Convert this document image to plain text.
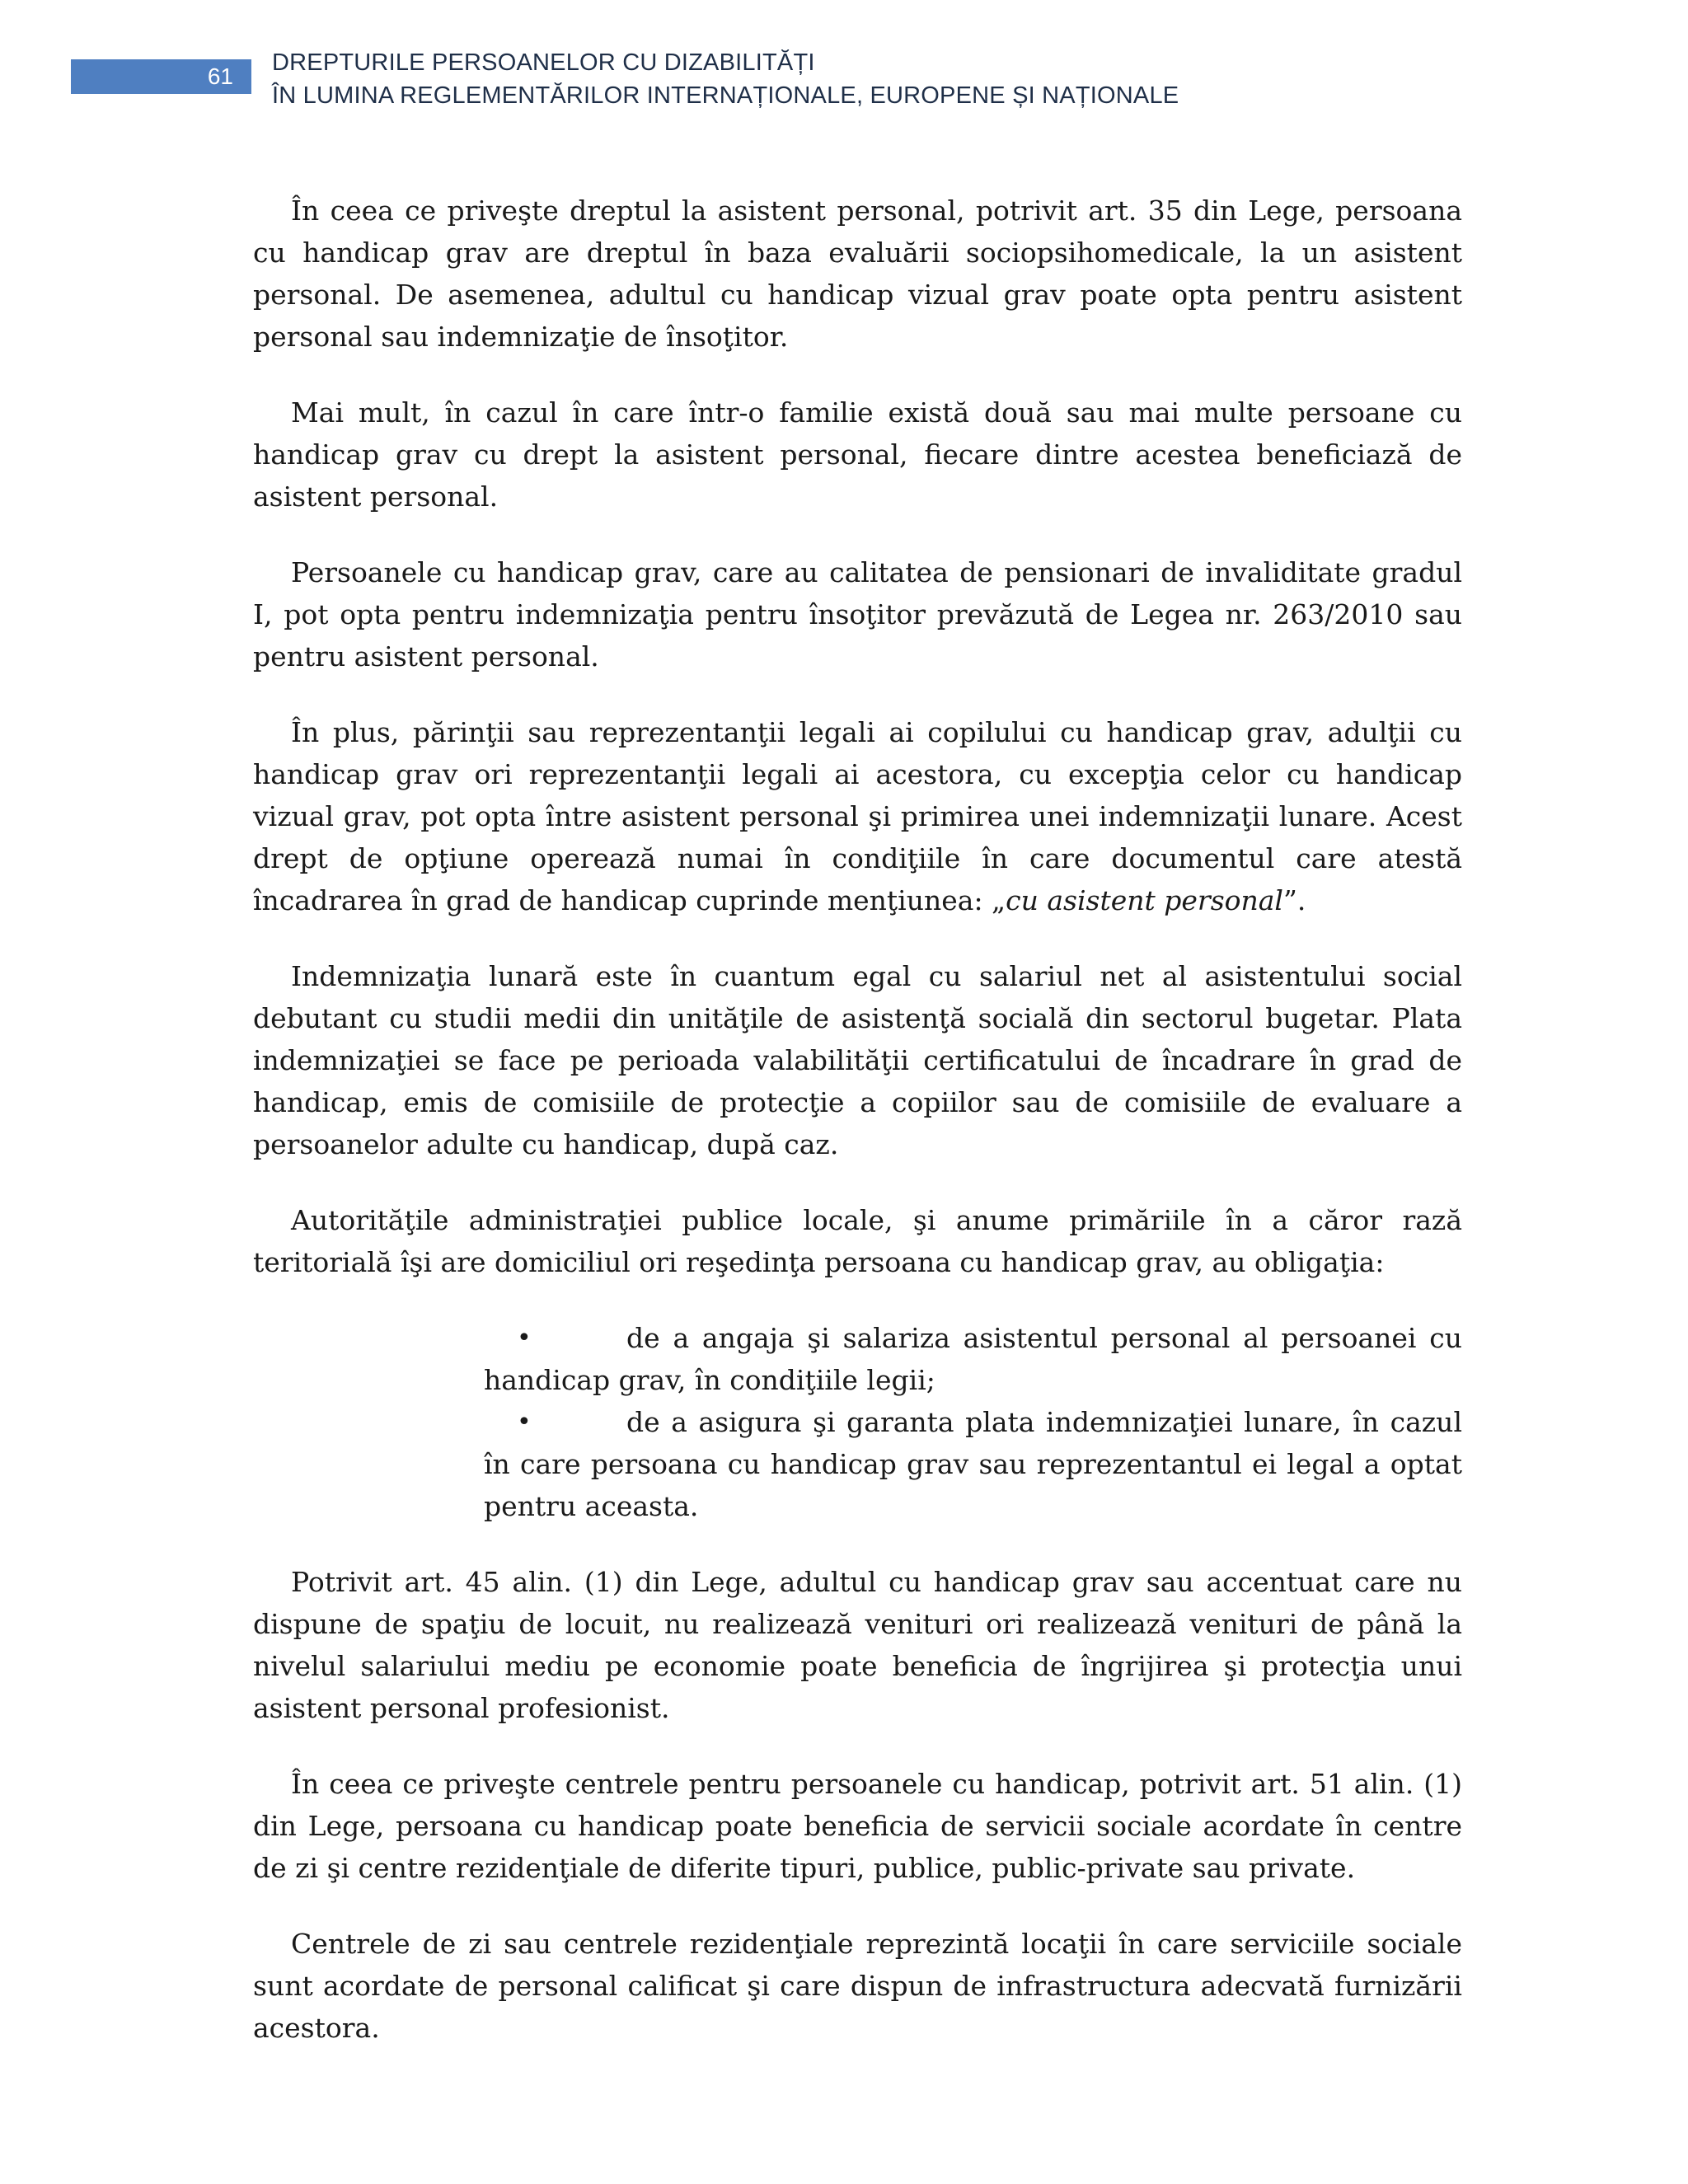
61
DREPTURILE PERSOANELOR CU DIZABILITĂȚI
ÎN LUMINA REGLEMENTĂRILOR INTERNAȚIONALE, EUROPENE ȘI NAȚIONALE

În ceea ce priveşte dreptul la asistent personal, potrivit art. 35 din Lege, persoana cu handicap grav are dreptul în baza evaluării sociopsihomedicale, la un asistent personal. De asemenea, adultul cu handicap vizual grav poate opta pentru asistent personal sau indemnizaţie de însoţitor.

Mai mult, în cazul în care într-o familie există două sau mai multe persoane cu handicap grav cu drept la asistent personal, fiecare dintre acestea beneficiază de asistent personal.

Persoanele cu handicap grav, care au calitatea de pensionari de invaliditate gradul I, pot opta pentru indemnizaţia pentru însoţitor prevăzută de Legea nr. 263/2010 sau pentru asistent personal.

În plus, părinţii sau reprezentanţii legali ai copilului cu handicap grav, adulţii cu handicap grav ori reprezentanţii legali ai acestora, cu excepţia celor cu handicap vizual grav, pot opta între asistent personal şi primirea unei indemnizaţii lunare. Acest drept de opţiune operează numai în condiţiile în care documentul care atestă încadrarea în grad de handicap cuprinde menţiunea: „cu asistent personal”.

Indemnizaţia lunară este în cuantum egal cu salariul net al asistentului social debutant cu studii medii din unităţile de asistenţă socială din sectorul bugetar. Plata indemnizaţiei se face pe perioada valabilităţii certificatului de încadrare în grad de handicap, emis de comisiile de protecţie a copiilor sau de comisiile de evaluare a persoanelor adulte cu handicap, după caz.

Autorităţile administraţiei publice locale, şi anume primăriile în a căror rază teritorială îşi are domiciliul ori reşedinţa persoana cu handicap grav, au obligaţia:

•	de a angaja şi salariza asistentul personal al persoanei cu handicap grav, în condiţiile legii;
•	de a asigura şi garanta plata indemnizaţiei lunare, în cazul în care persoana cu handicap grav sau reprezentantul ei legal a optat pentru aceasta.

Potrivit art. 45 alin. (1) din Lege, adultul cu handicap grav sau accentuat care nu dispune de spaţiu de locuit, nu realizează venituri ori realizează venituri de până la nivelul salariului mediu pe economie poate beneficia de îngrijirea şi protecţia unui asistent personal profesionist.

În ceea ce priveşte centrele pentru persoanele cu handicap, potrivit art. 51 alin. (1) din Lege, persoana cu handicap poate beneficia de servicii sociale acordate în centre de zi şi centre rezidenţiale de diferite tipuri, publice, public-private sau private.

Centrele de zi sau centrele rezidenţiale reprezintă locaţii în care serviciile sociale sunt acordate de personal calificat şi care dispun de infrastructura adecvată furnizării acestora.
